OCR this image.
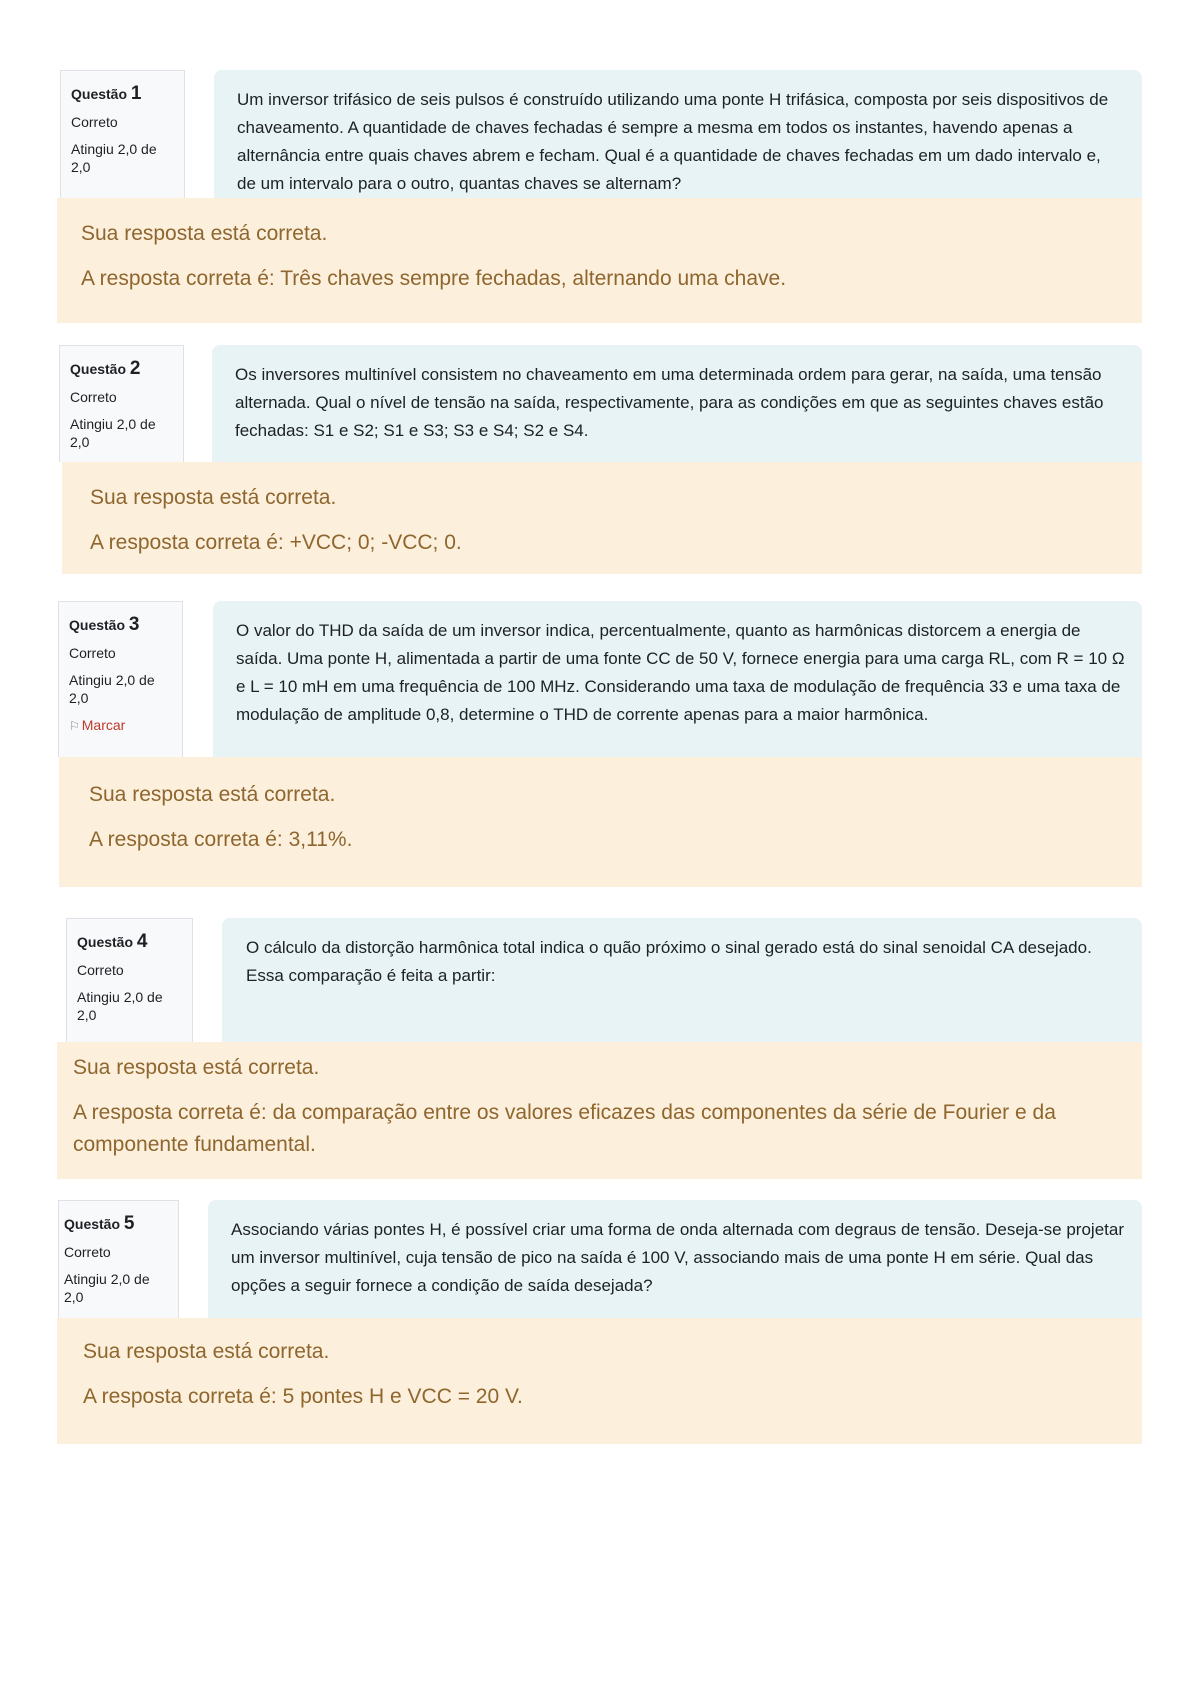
Questão 1
Correto
Atingiu 2,0 de 2,0
Um inversor trifásico de seis pulsos é construído utilizando uma ponte H trifásica, composta por seis dispositivos de chaveamento. A quantidade de chaves fechadas é sempre a mesma em todos os instantes, havendo apenas a alternância entre quais chaves abrem e fecham. Qual é a quantidade de chaves fechadas em um dado intervalo e, de um intervalo para o outro, quantas chaves se alternam?

Sua resposta está correta.

A resposta correta é: Três chaves sempre fechadas, alternando uma chave.

Questão 2
Correto
Atingiu 2,0 de 2,0
Os inversores multinível consistem no chaveamento em uma determinada ordem para gerar, na saída, uma tensão alternada. Qual o nível de tensão na saída, respectivamente, para as condições em que as seguintes chaves estão fechadas: S1 e S2; S1 e S3; S3 e S4; S2 e S4.

Sua resposta está correta.

A resposta correta é: +VCC; 0; -VCC; 0.

Questão 3
Correto
Atingiu 2,0 de 2,0
⚐ Marcar
O valor do THD da saída de um inversor indica, percentualmente, quanto as harmônicas distorcem a energia de saída. Uma ponte H, alimentada a partir de uma fonte CC de 50 V, fornece energia para uma carga RL, com R = 10 Ω e L = 10 mH em uma frequência de 100 MHz. Considerando uma taxa de modulação de frequência 33 e uma taxa de modulação de amplitude 0,8, determine o THD de corrente apenas para a maior harmônica.

Sua resposta está correta.

A resposta correta é: 3,11%.

Questão 4
Correto
Atingiu 2,0 de 2,0
O cálculo da distorção harmônica total indica o quão próximo o sinal gerado está do sinal senoidal CA desejado. Essa comparação é feita a partir:

Sua resposta está correta.

A resposta correta é: da comparação entre os valores eficazes das componentes da série de Fourier e da componente fundamental.

Questão 5
Correto
Atingiu 2,0 de 2,0
Associando várias pontes H, é possível criar uma forma de onda alternada com degraus de tensão. Deseja-se projetar um inversor multinível, cuja tensão de pico na saída é 100 V, associando mais de uma ponte H em série. Qual das opções a seguir fornece a condição de saída desejada?

Sua resposta está correta.

A resposta correta é: 5 pontes H e VCC = 20 V.
